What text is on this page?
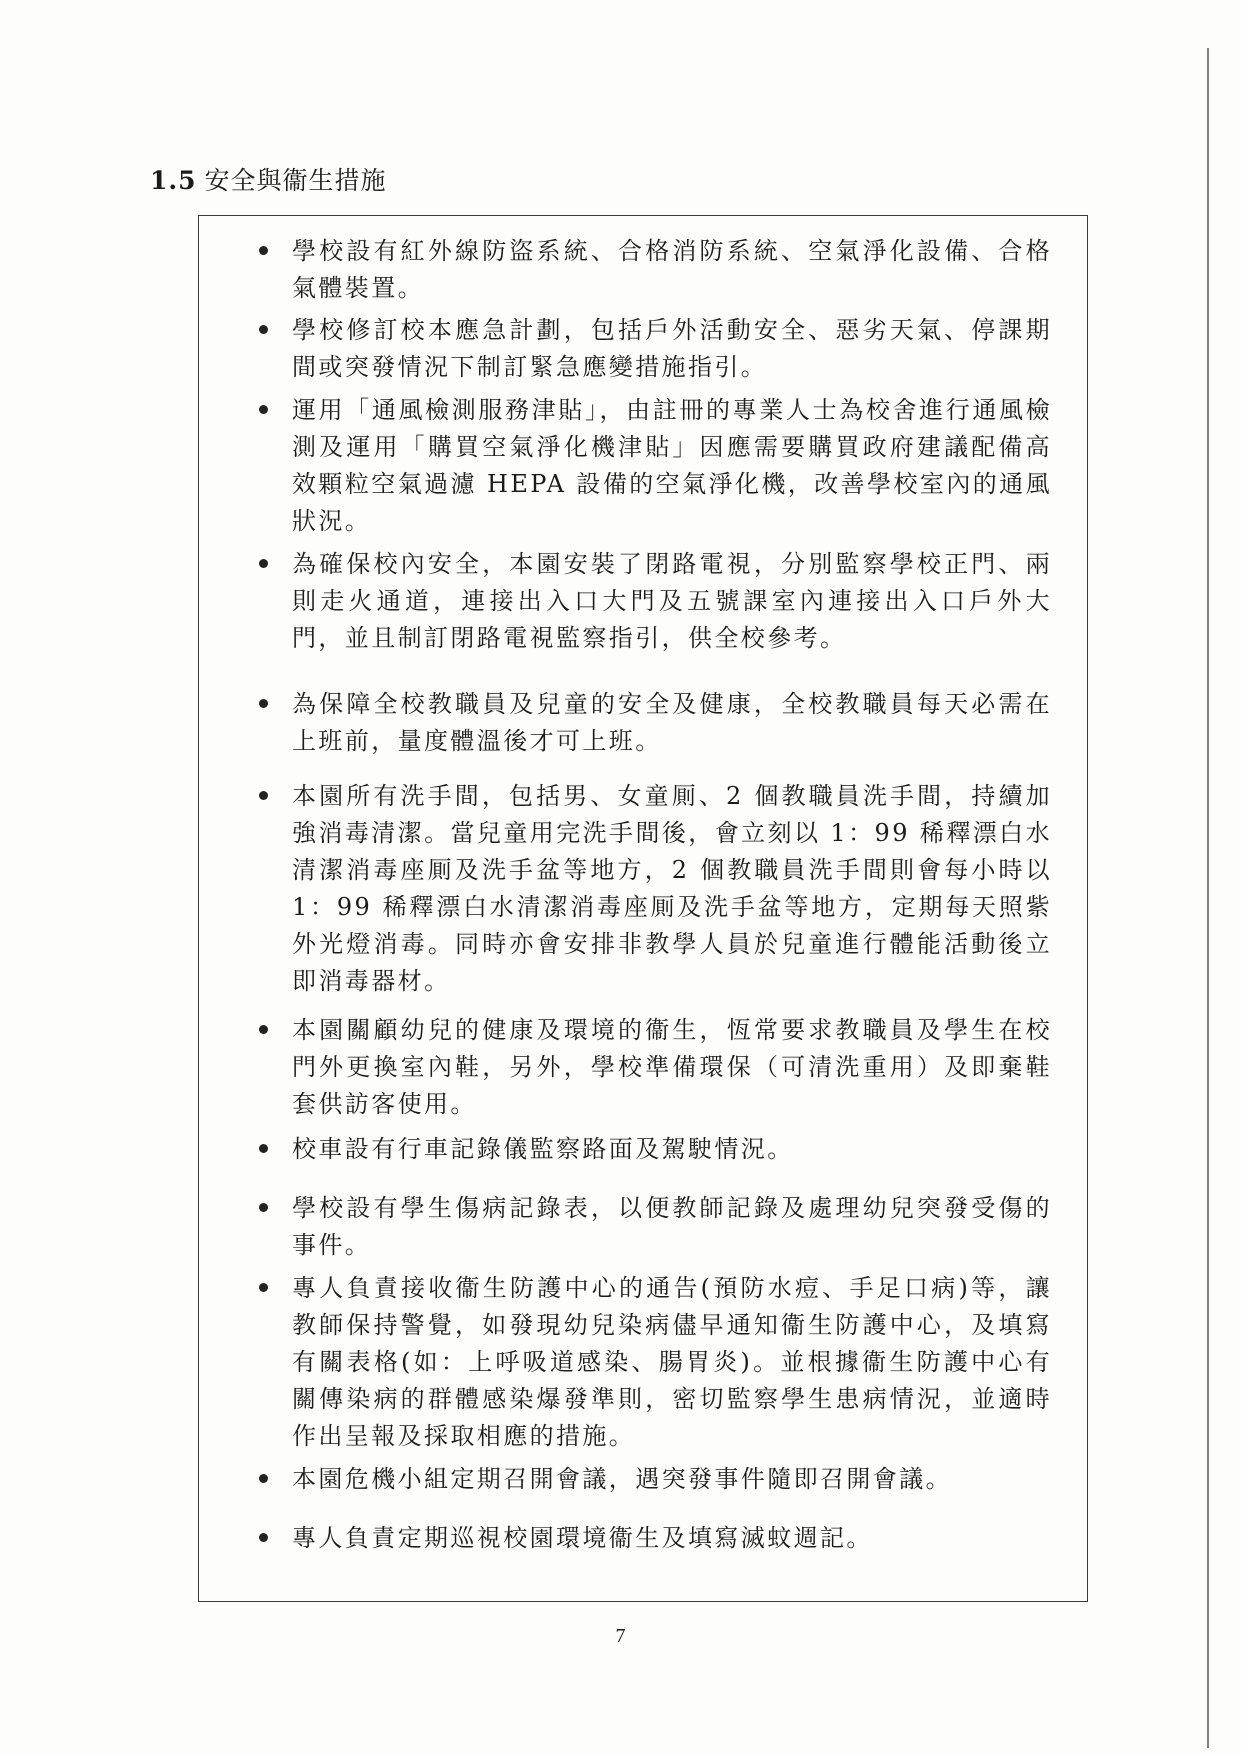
1.5 安全與衞生措施
學校設有紅外線防盜系統、合格消防系統、空氣淨化設備、合格氣體裝置。
學校修訂校本應急計劃，包括戶外活動安全、惡劣天氣、停課期間或突發情況下制訂緊急應變措施指引。
運用「通風檢測服務津貼」，由註冊的專業人士為校舍進行通風檢測及運用「購買空氣淨化機津貼」因應需要購買政府建議配備高效顆粒空氣過濾 HEPA 設備的空氣淨化機，改善學校室內的通風狀況。
為確保校內安全，本園安裝了閉路電視，分別監察學校正門、兩則走火通道，連接出入口大門及五號課室內連接出入口戶外大門，並且制訂閉路電視監察指引，供全校參考。
為保障全校教職員及兒童的安全及健康，全校教職員每天必需在上班前，量度體溫後才可上班。
本園所有洗手間，包括男、女童厠、2 個教職員洗手間，持續加強消毒清潔。當兒童用完洗手間後，會立刻以 1：99 稀釋漂白水清潔消毒座厠及洗手盆等地方，2 個教職員洗手間則會每小時以 1：99 稀釋漂白水清潔消毒座厠及洗手盆等地方，定期每天照紫外光燈消毒。同時亦會安排非教學人員於兒童進行體能活動後立即消毒器材。
本園關顧幼兒的健康及環境的衞生，恆常要求教職員及學生在校門外更換室內鞋，另外，學校準備環保（可清洗重用）及即棄鞋套供訪客使用。
校車設有行車記錄儀監察路面及駕駛情況。
學校設有學生傷病記錄表，以便教師記錄及處理幼兒突發受傷的事件。
專人負責接收衞生防護中心的通告(預防水痘、手足口病)等，讓教師保持警覺，如發現幼兒染病儘早通知衞生防護中心，及填寫有關表格(如：上呼吸道感染、腸胃炎)。並根據衞生防護中心有關傳染病的群體感染爆發準則，密切監察學生患病情況，並適時作出呈報及採取相應的措施。
本園危機小組定期召開會議，遇突發事件隨即召開會議。
專人負責定期巡視校園環境衞生及填寫滅蚊週記。
7
